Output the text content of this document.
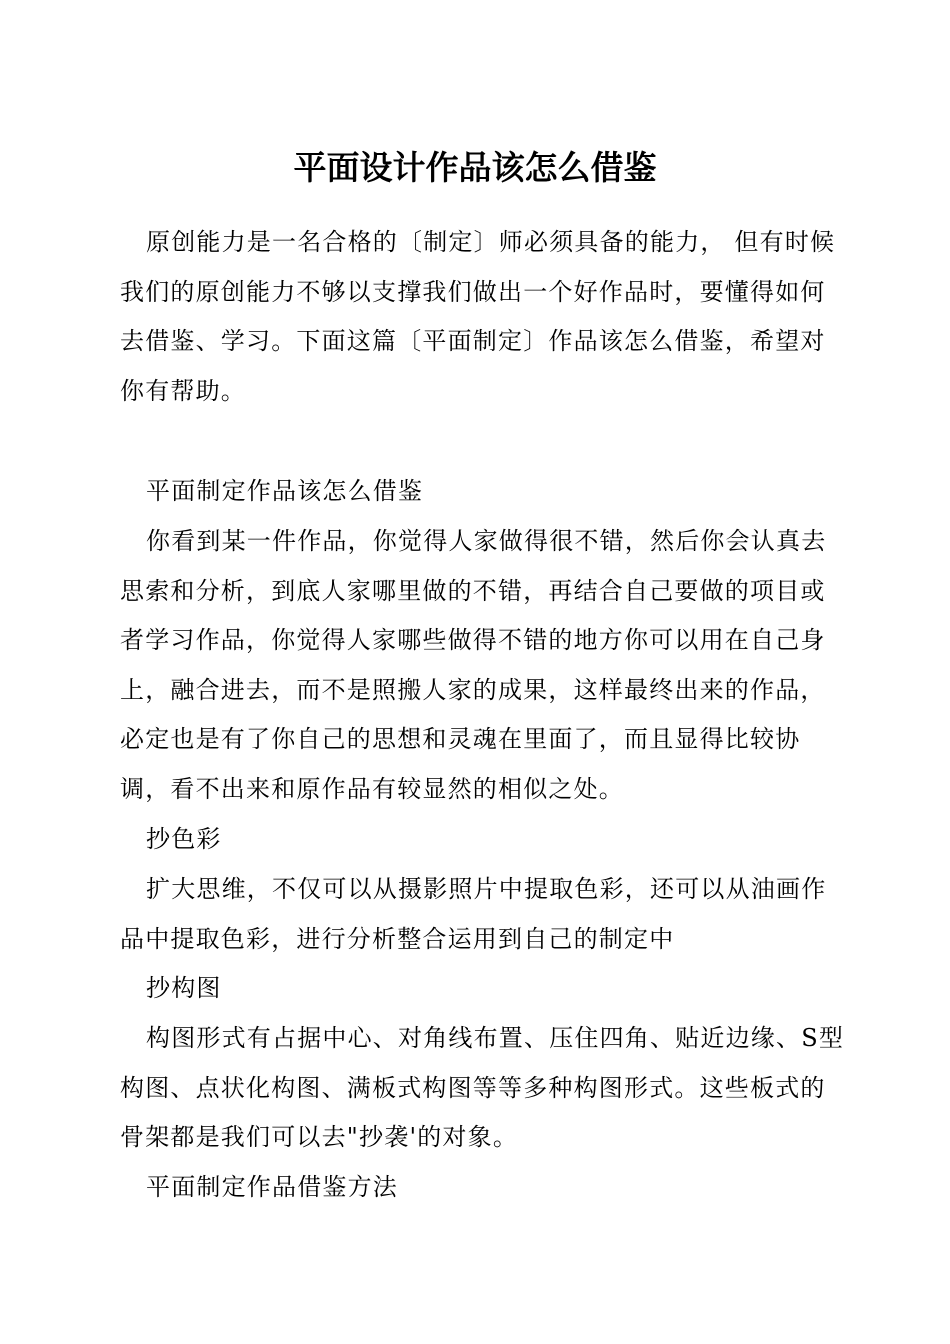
平面设计作品该怎么借鉴
原创能力是一名合格的〔制定〕师必须具备的能力， 但有时候我们的原创能力不够以支撑我们做出一个好作品时，要懂得如何去借鉴、学习。下面这篇〔平面制定〕作品该怎么借鉴，希望对你有帮助。
平面制定作品该怎么借鉴
你看到某一件作品，你觉得人家做得很不错，然后你会认真去思索和分析，到底人家哪里做的不错，再结合自己要做的项目或者学习作品，你觉得人家哪些做得不错的地方你可以用在自己身上，融合进去，而不是照搬人家的成果，这样最终出来的作品，必定也是有了你自己的思想和灵魂在里面了，而且显得比较协调，看不出来和原作品有较显然的相似之处。
抄色彩
扩大思维，不仅可以从摄影照片中提取色彩，还可以从油画作品中提取色彩，进行分析整合运用到自己的制定中
抄构图
构图形式有占据中心、对角线布置、压住四角、贴近边缘、S型构图、点状化构图、满板式构图等等多种构图形式。这些板式的骨架都是我们可以去"抄袭'的对象。
平面制定作品借鉴方法
